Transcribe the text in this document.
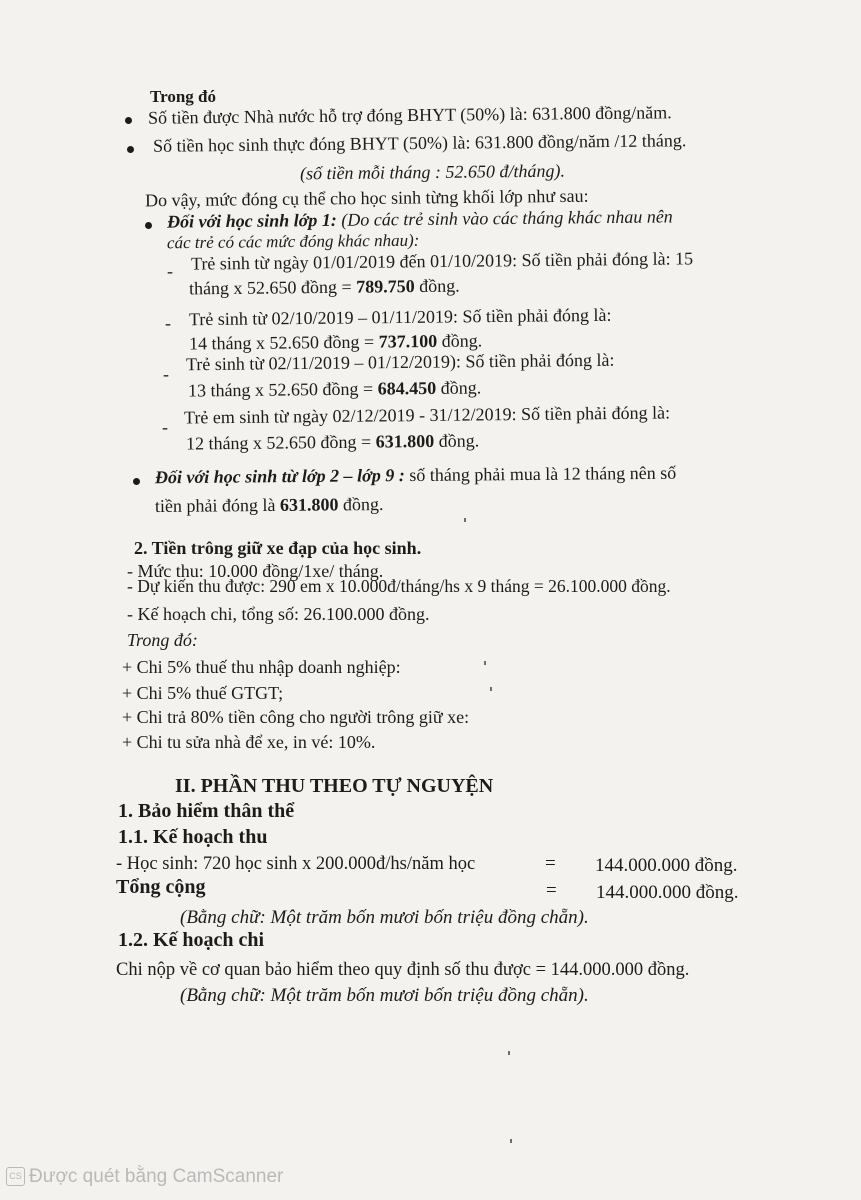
Trong đó
Số tiền được Nhà nước hỗ trợ đóng BHYT (50%) là: 631.800 đồng/năm.
Số tiền học sinh thực đóng BHYT (50%) là: 631.800 đồng/năm /12 tháng.
(số tiền mỗi tháng : 52.650 đ/tháng).
Do vậy, mức đóng cụ thể cho học sinh từng khối lớp như sau:
Đối với học sinh lớp 1: (Do các trẻ sinh vào các tháng khác nhau nên
các trẻ có các mức đóng khác nhau):
- Trẻ sinh từ ngày 01/01/2019 đến 01/10/2019: Số tiền phải đóng là: 15
tháng x 52.650 đồng = 789.750 đồng.
- Trẻ sinh từ 02/10/2019 – 01/11/2019: Số tiền phải đóng là:
14 tháng x 52.650 đồng = 737.100 đồng.
- Trẻ sinh từ 02/11/2019 – 01/12/2019): Số tiền phải đóng là:
13 tháng x 52.650 đồng = 684.450 đồng.
- Trẻ em sinh từ ngày 02/12/2019 - 31/12/2019: Số tiền phải đóng là:
12 tháng x 52.650 đồng = 631.800 đồng.
Đối với học sinh từ lớp 2 – lớp 9 : số tháng phải mua là 12 tháng nên số
tiền phải đóng là 631.800 đồng.
2. Tiền trông giữ xe đạp của học sinh.
- Mức thu: 10.000 đồng/1xe/ tháng.
- Dự kiến thu được: 290 em x 10.000đ/tháng/hs x 9 tháng = 26.100.000 đồng.
- Kế hoạch chi, tổng số: 26.100.000 đồng.
Trong đó:
+ Chi 5% thuế thu nhập doanh nghiệp:
+ Chi 5% thuế GTGT;
+ Chi trả 80% tiền công cho người trông giữ xe:
+ Chi tu sửa nhà để xe, in vé: 10%.
II. PHẦN THU THEO TỰ NGUYỆN
1. Bảo hiểm thân thể
1.1. Kế hoạch thu
- Học sinh: 720 học sinh x 200.000đ/hs/năm học	= 144.000.000 đồng.
Tổng cộng	= 144.000.000 đồng.
(Bằng chữ: Một trăm bốn mươi bốn triệu đồng chẵn).
1.2. Kế hoạch chi
Chi nộp về cơ quan bảo hiểm theo quy định số thu được = 144.000.000 đồng.
(Bằng chữ: Một trăm bốn mươi bốn triệu đồng chẵn).
CS Được quét bằng CamScanner
